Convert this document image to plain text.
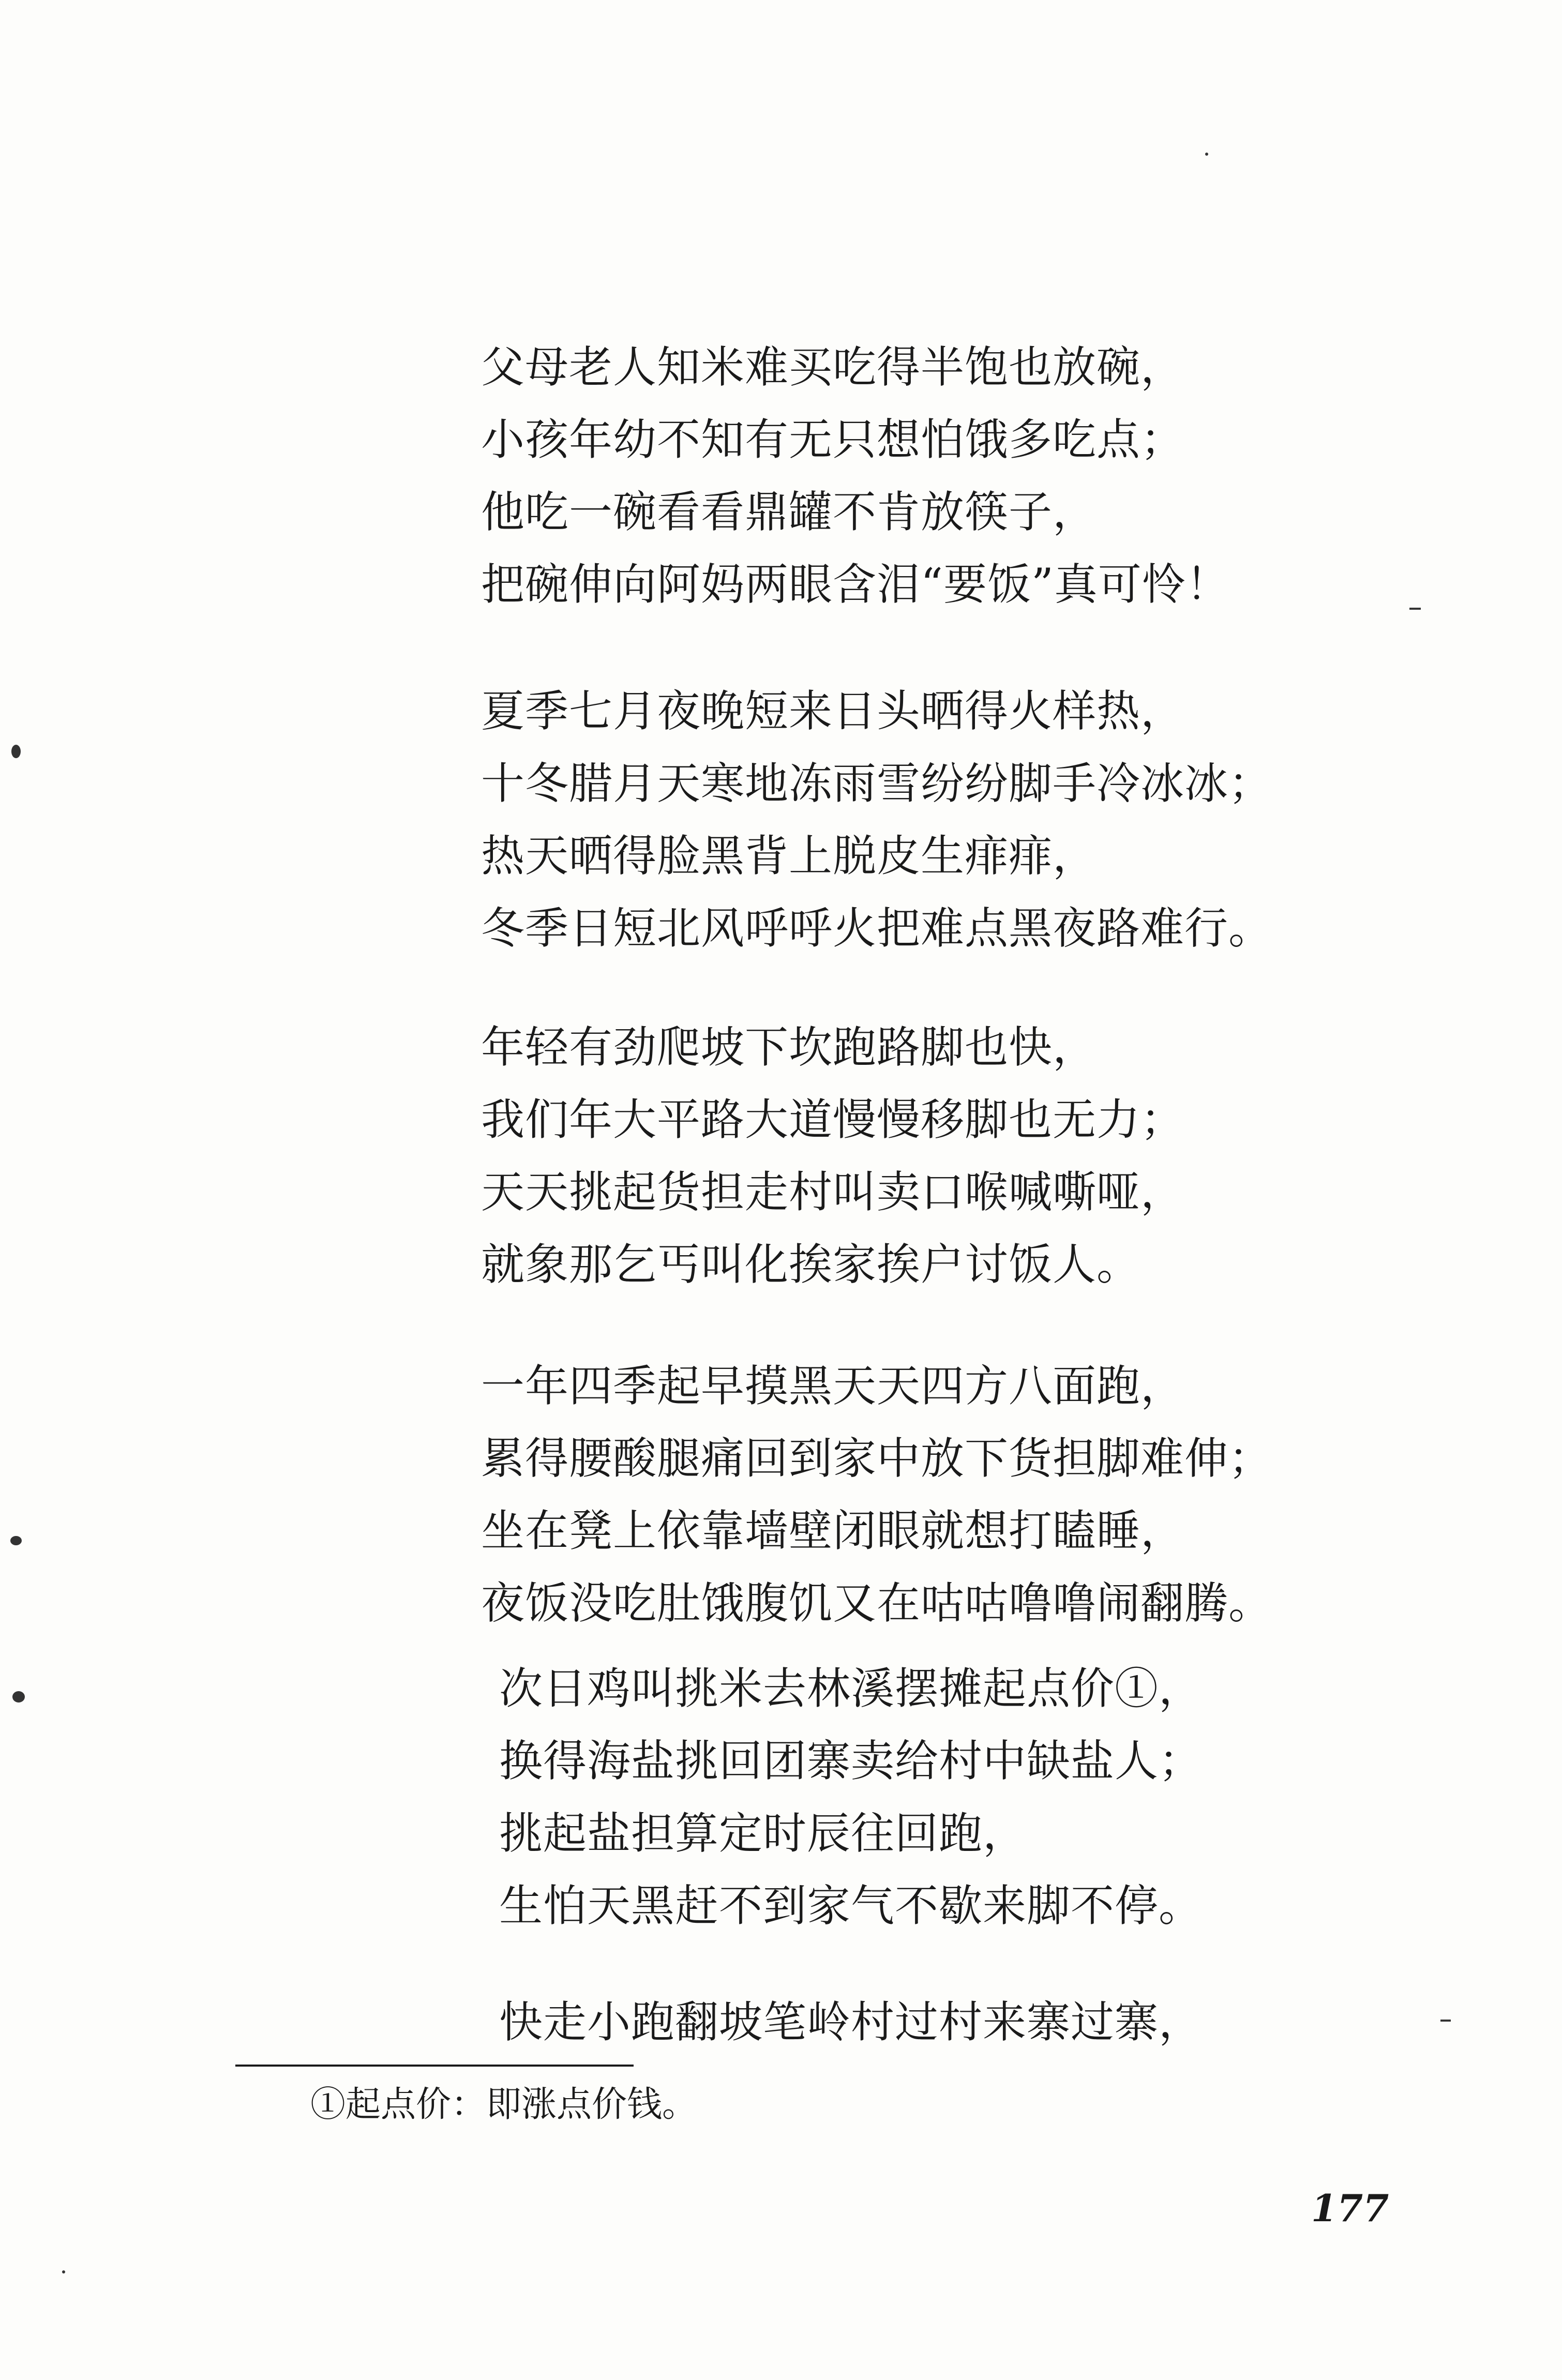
父母老人知米难买吃得半饱也放碗，
小孩年幼不知有无只想怕饿多吃点；
他吃一碗看看鼎罐不肯放筷子，
把碗伸向阿妈两眼含泪“要饭”真可怜！
夏季七月夜晚短来日头晒得火样热，
十冬腊月天寒地冻雨雪纷纷脚手冷冰冰；
热天晒得脸黑背上脱皮生痱痱，
冬季日短北风呼呼火把难点黑夜路难行。
年轻有劲爬坡下坎跑路脚也快，
我们年大平路大道慢慢移脚也无力；
天天挑起货担走村叫卖口喉喊嘶哑，
就象那乞丐叫化挨家挨户讨饭人。
一年四季起早摸黑天天四方八面跑，
累得腰酸腿痛回到家中放下货担脚难伸；
坐在凳上依靠墙壁闭眼就想打瞌睡，
夜饭没吃肚饿腹饥又在咕咕噜噜闹翻腾。
次日鸡叫挑米去林溪摆摊起点价①，
换得海盐挑回团寨卖给村中缺盐人；
挑起盐担算定时辰往回跑，
生怕天黑赶不到家气不歇来脚不停。
快走小跑翻坡笔岭村过村来寨过寨，
①起点价：即涨点价钱。
177
